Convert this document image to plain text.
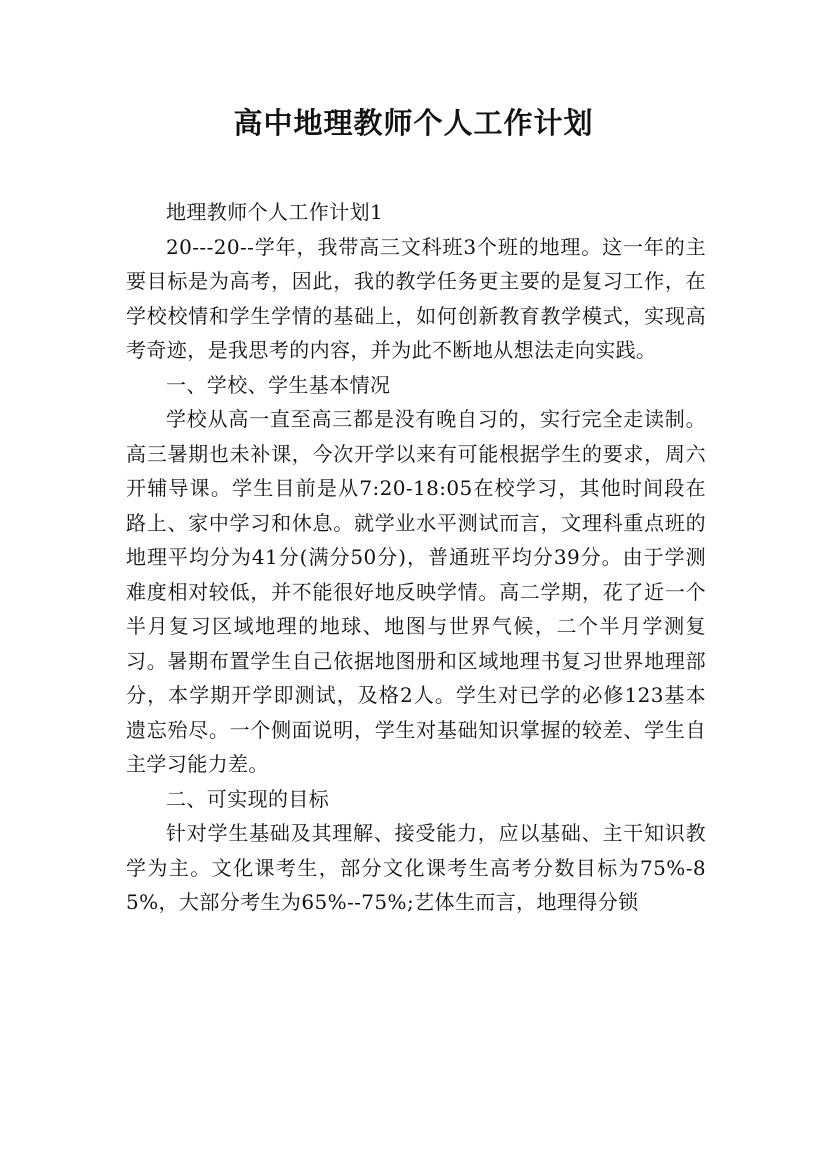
高中地理教师个人工作计划

地理教师个人工作计划1

20---20--学年，我带高三文科班3个班的地理。这一年的主要目标是为高考，因此，我的教学任务更主要的是复习工作，在学校校情和学生学情的基础上，如何创新教育教学模式，实现高考奇迹，是我思考的内容，并为此不断地从想法走向实践。

一、学校、学生基本情况

学校从高一直至高三都是没有晚自习的，实行完全走读制。高三暑期也未补课，今次开学以来有可能根据学生的要求，周六开辅导课。学生目前是从7:20-18:05在校学习，其他时间段在路上、家中学习和休息。就学业水平测试而言，文理科重点班的地理平均分为41分(满分50分)，普通班平均分39分。由于学测难度相对较低，并不能很好地反映学情。高二学期，花了近一个半月复习区域地理的地球、地图与世界气候，二个半月学测复习。暑期布置学生自己依据地图册和区域地理书复习世界地理部分，本学期开学即测试，及格2人。学生对已学的必修123基本遗忘殆尽。一个侧面说明，学生对基础知识掌握的较差、学生自主学习能力差。

二、可实现的目标

针对学生基础及其理解、接受能力，应以基础、主干知识教学为主。文化课考生，部分文化课考生高考分数目标为75%-85%，大部分考生为65%--75%;艺体生而言，地理得分锁
